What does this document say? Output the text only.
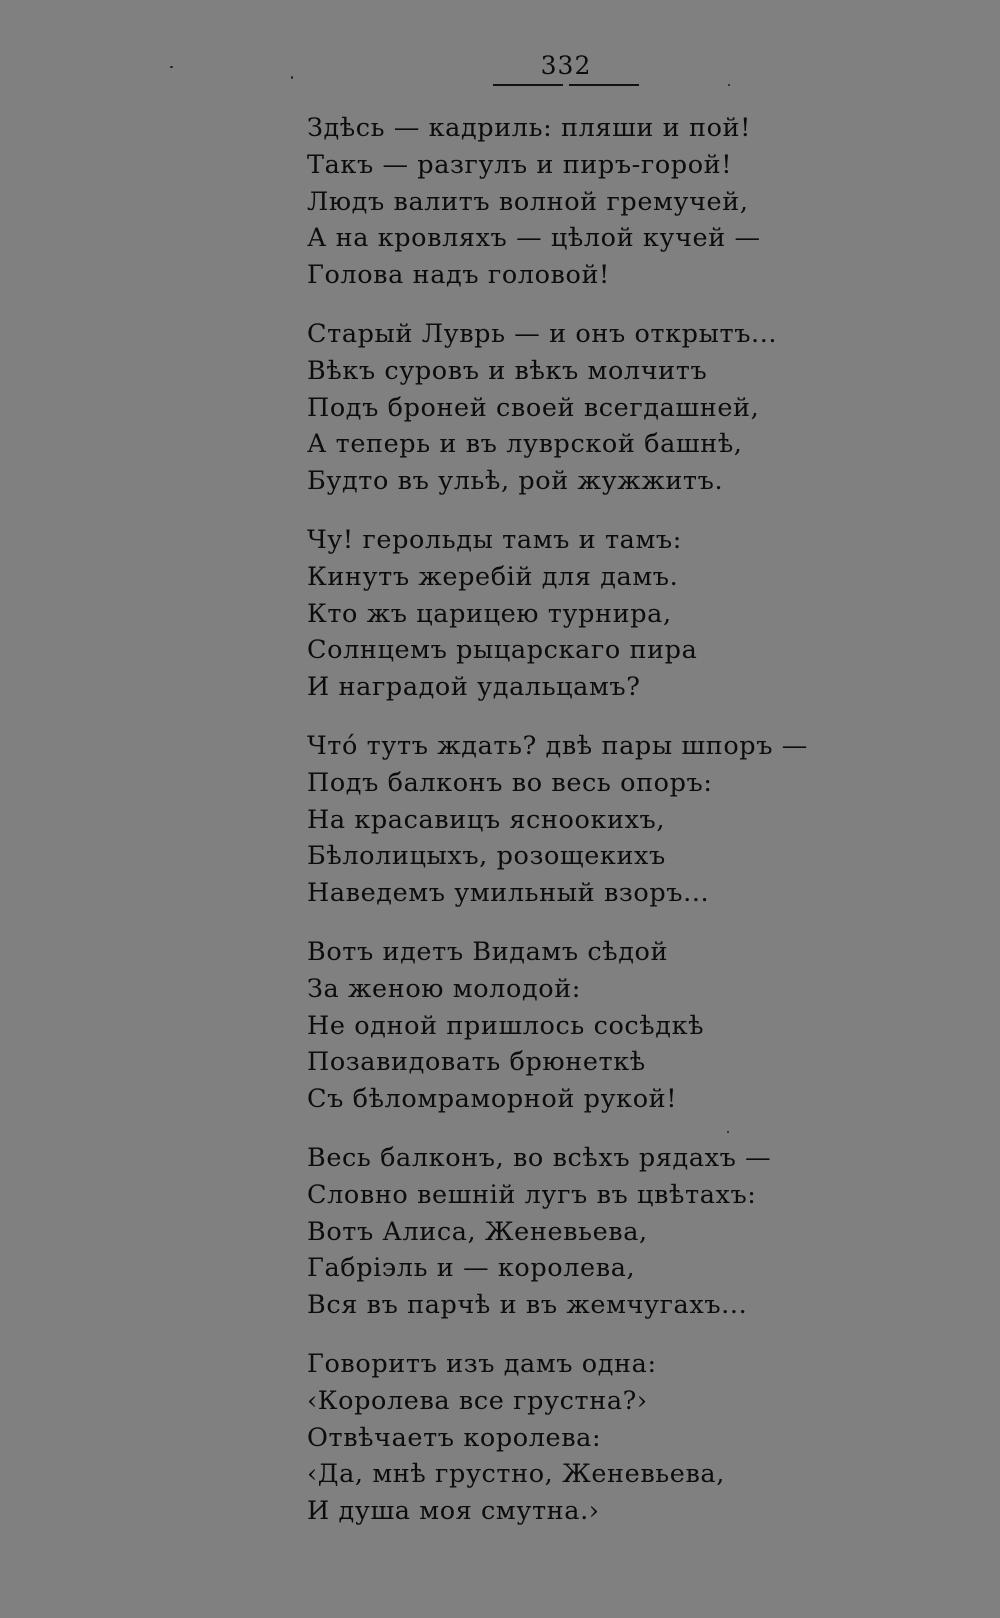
332
Здѣсь — кадриль: пляши и пой!
Такъ — разгулъ и пиръ-горой!
Людъ валитъ волной гремучей,
А на кровляхъ — цѣлой кучей —
Голова надъ головой!
Старый Луврь — и онъ открытъ...
Вѣкъ суровъ и вѣкъ молчитъ
Подъ броней своей всегдашней,
А теперь и въ луврской башнѣ,
Будто въ ульѣ, рой жужжитъ.
Чу! герольды тамъ и тамъ:
Кинутъ жеребій для дамъ.
Кто жъ царицею турнира,
Солнцемъ рыцарскаго пира
И наградой удальцамъ?
Что́ тутъ ждать? двѣ пары шпоръ —
Подъ балконъ во весь опоръ:
На красавицъ ясноокихъ,
Бѣлолицыхъ, розощекихъ
Наведемъ умильный взоръ...
Вотъ идетъ Видамъ сѣдой
За женою молодой:
Не одной пришлось сосѣдкѣ
Позавидовать брюнеткѣ
Съ бѣломраморной рукой!
Весь балконъ, во всѣхъ рядахъ —
Словно вешній лугъ въ цвѣтахъ:
Вотъ Алиса, Женевьева,
Габріэль и — королева,
Вся въ парчѣ и въ жемчугахъ...
Говоритъ изъ дамъ одна:
‹Королева все грустна?›
Отвѣчаетъ королева:
‹Да, мнѣ грустно, Женевьева,
И душа моя смутна.›
